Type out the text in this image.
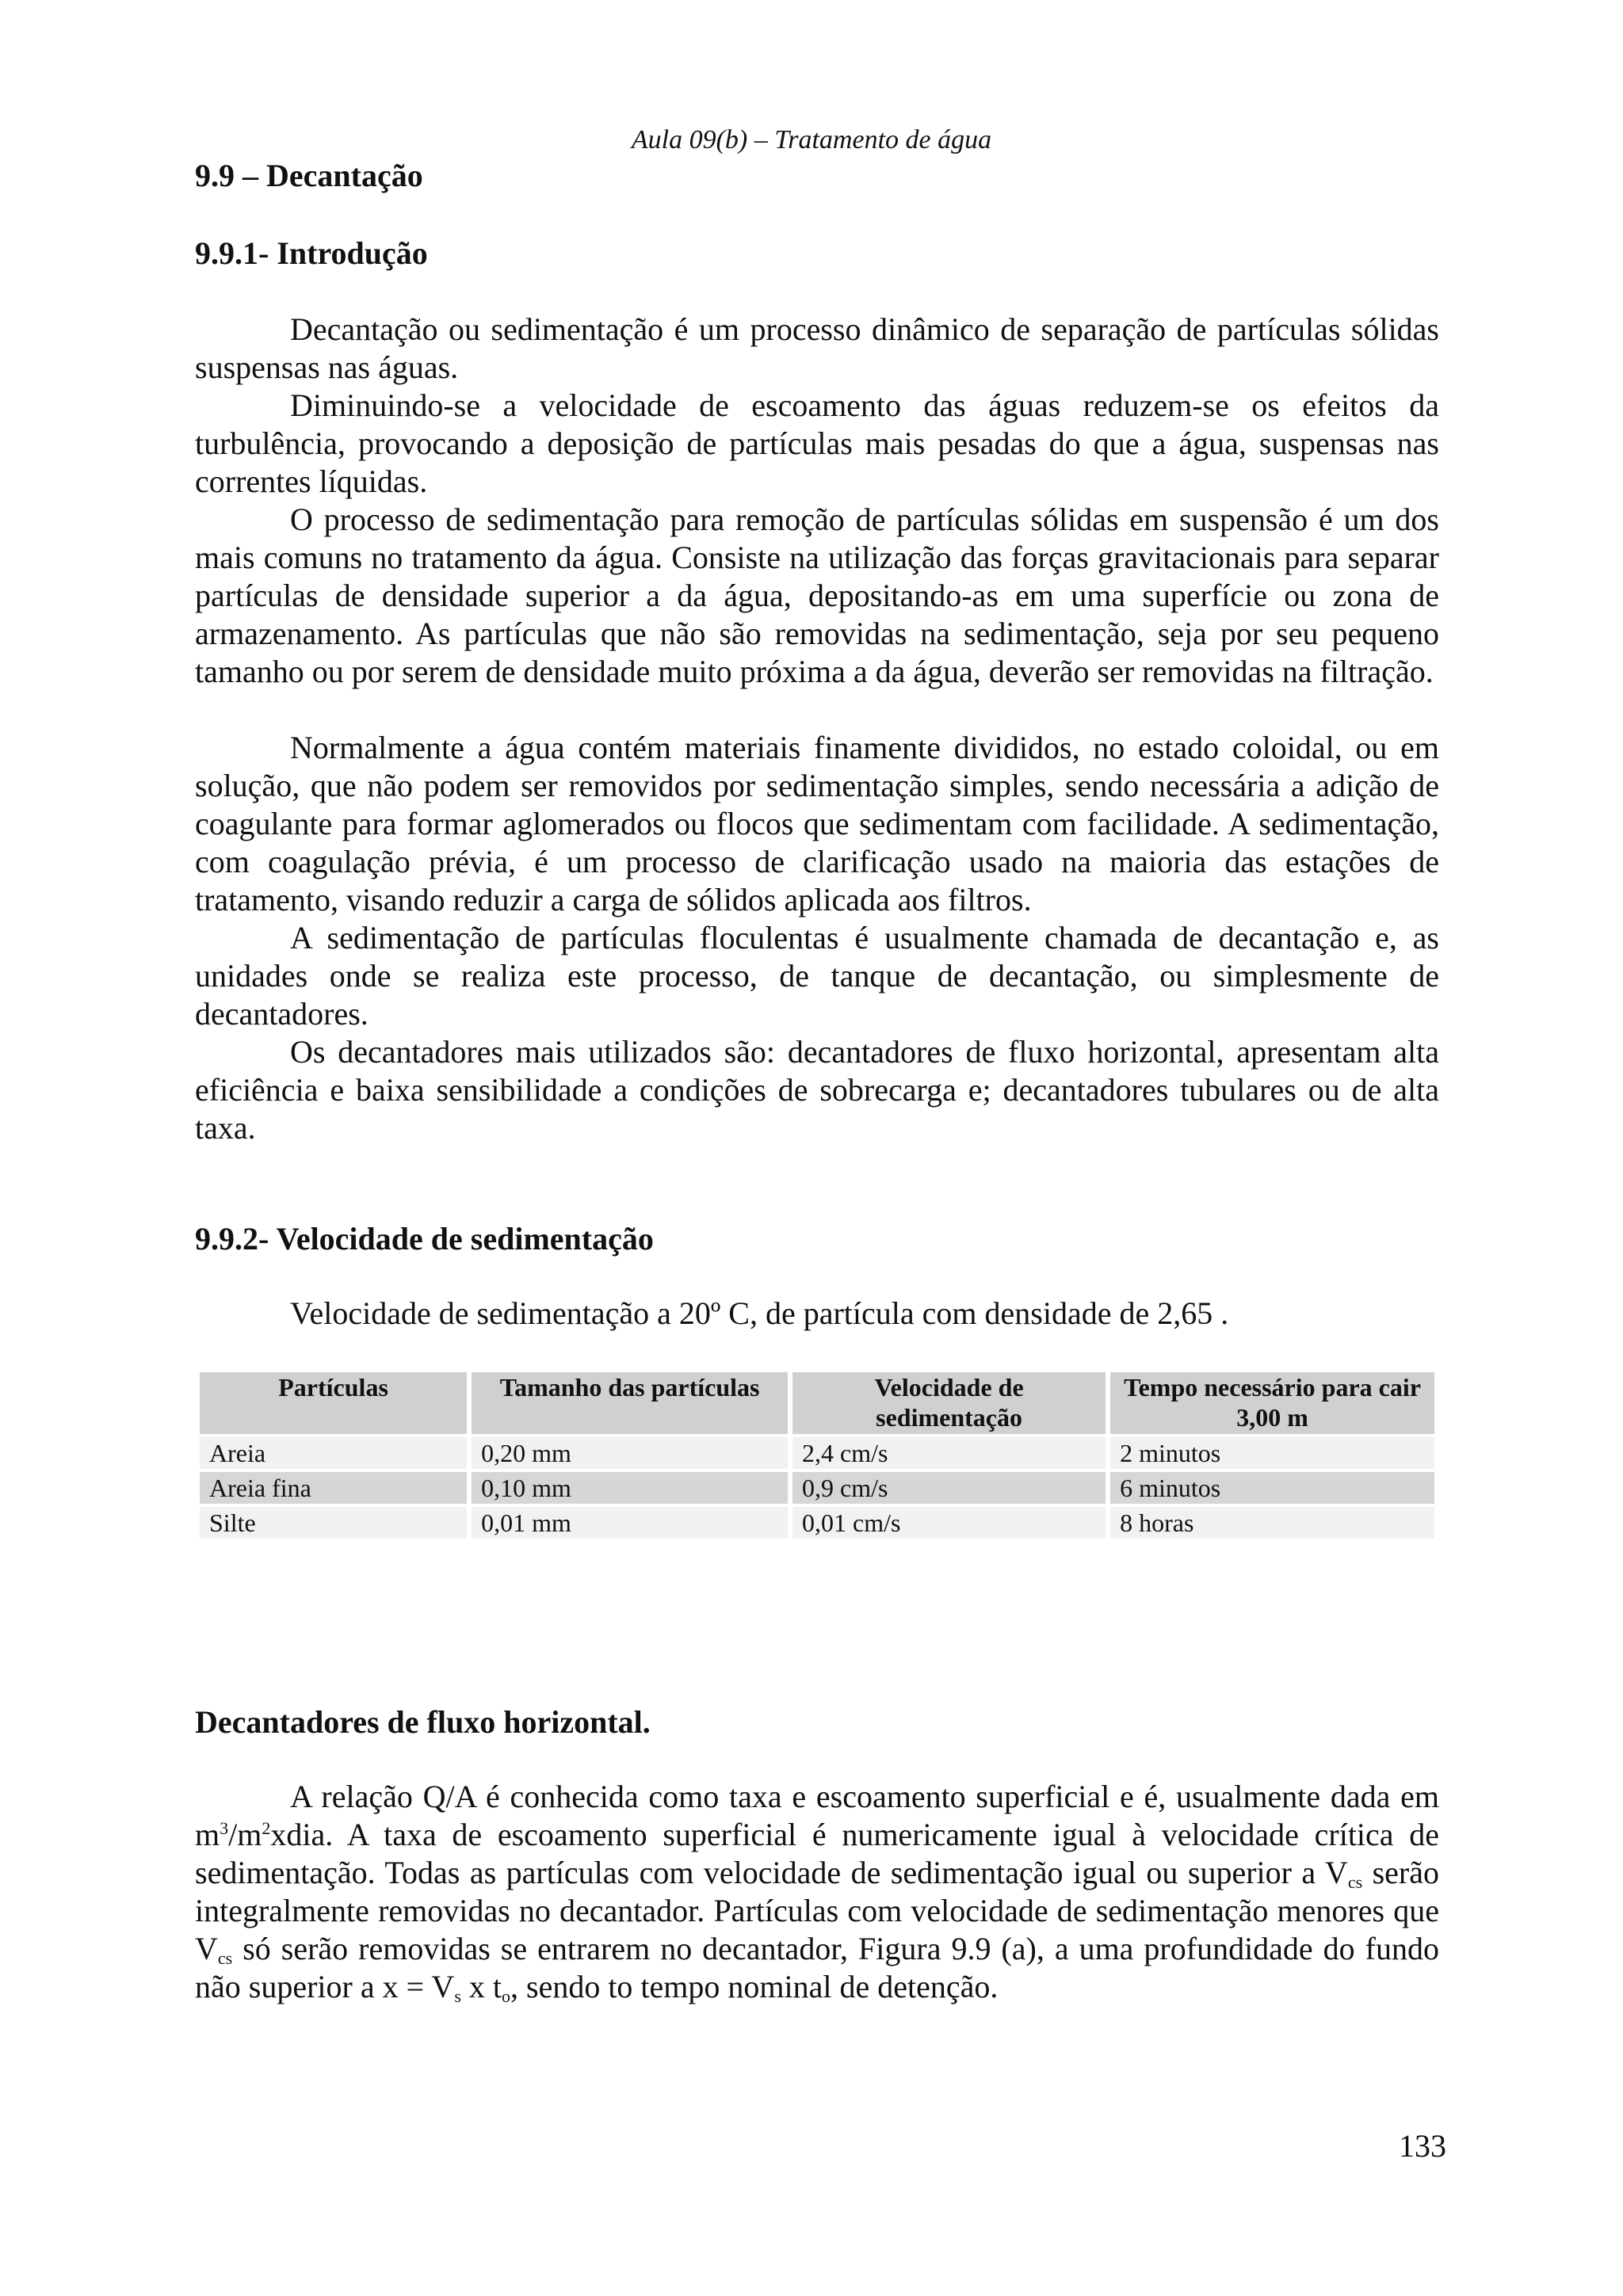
Aula 09(b) – Tratamento de água
9.9 – Decantação
9.9.1- Introdução

Decantação ou sedimentação é um processo dinâmico de separação de partículas sólidas suspensas nas águas.

Diminuindo-se a velocidade de escoamento das águas reduzem-se os efeitos da turbulência, provocando a deposição de partículas mais pesadas do que a água, suspensas nas correntes líquidas.

O processo de sedimentação para remoção de partículas sólidas em suspensão é um dos mais comuns no tratamento da água. Consiste na utilização das forças gravitacionais para separar partículas de densidade superior a da água, depositando-as em uma superfície ou zona de armazenamento. As partículas que não são removidas na sedimentação, seja por seu pequeno tamanho ou por serem de densidade muito próxima a da água, deverão ser removidas na filtração.

Normalmente a água contém materiais finamente divididos, no estado coloidal, ou em solução, que não podem ser removidos por sedimentação simples, sendo necessária a adição de coagulante para formar aglomerados ou flocos que sedimentam com facilidade. A sedimentação, com coagulação prévia, é um processo de clarificação usado na maioria das estações de tratamento, visando reduzir a carga de sólidos aplicada aos filtros.

A sedimentação de partículas floculentas é usualmente chamada de decantação e, as unidades onde se realiza este processo, de tanque de decantação, ou simplesmente de decantadores.

Os decantadores mais utilizados são: decantadores de fluxo horizontal, apresentam alta eficiência e baixa sensibilidade a condições de sobrecarga e; decantadores tubulares ou de alta taxa.

9.9.2- Velocidade de sedimentação

Velocidade de sedimentação a 20º C, de partícula com densidade de 2,65 .

Partículas	Tamanho das partículas	Velocidade de sedimentação	Tempo necessário para cair 3,00 m
Areia	0,20 mm	2,4 cm/s	2 minutos
Areia fina	0,10 mm	0,9 cm/s	6 minutos
Silte	0,01 mm	0,01 cm/s	8 horas
Decantadores de fluxo horizontal.

A relação Q/A é conhecida como taxa e escoamento superficial e é, usualmente dada em $m^3/m^2xdia$. A taxa de escoamento superficial é numericamente igual à velocidade crítica de sedimentação. Todas as partículas com velocidade de sedimentação igual ou superior a $V_{cs}$ serão integralmente removidas no decantador. Partículas com velocidade de sedimentação menores que $V_{cs}$ só serão removidas se entrarem no decantador, Figura 9.9 (a), a uma profundidade do fundo não superior a $x = V_s$ x $t_o$, sendo to tempo nominal de detenção.

133
